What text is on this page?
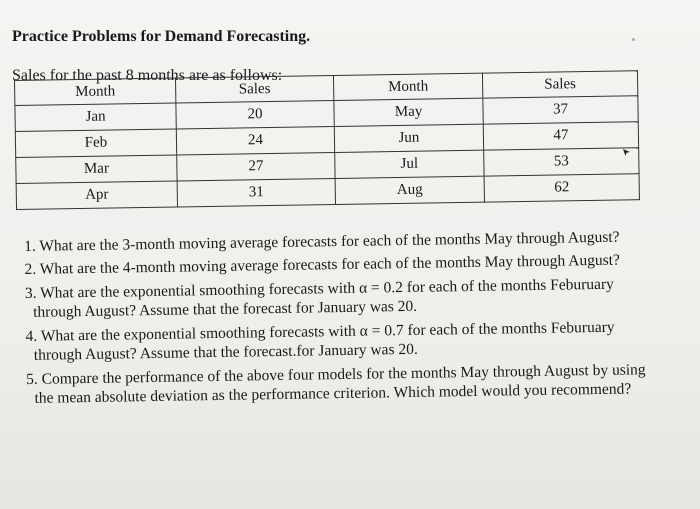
Practice Problems for Demand Forecasting.
Sales for the past 8 months are as follows:
Month	Sales	Month	Sales
Jan	20	May	37
Feb	24	Jun	47
Mar	27	Jul	53
Apr	31	Aug	62

1. What are the 3-month moving average forecasts for each of the months May through August?

2. What are the 4-month moving average forecasts for each of the months May through August?

3. What are the exponential smoothing forecasts with α = 0.2 for each of the months Feburuary through August? Assume that the forecast for January was 20.

4. What are the exponential smoothing forecasts with α = 0.7 for each of the months Feburuary through August? Assume that the forecast.for January was 20.

5. Compare the performance of the above four models for the months May through August by using the mean absolute deviation as the performance criterion. Which model would you recommend?
